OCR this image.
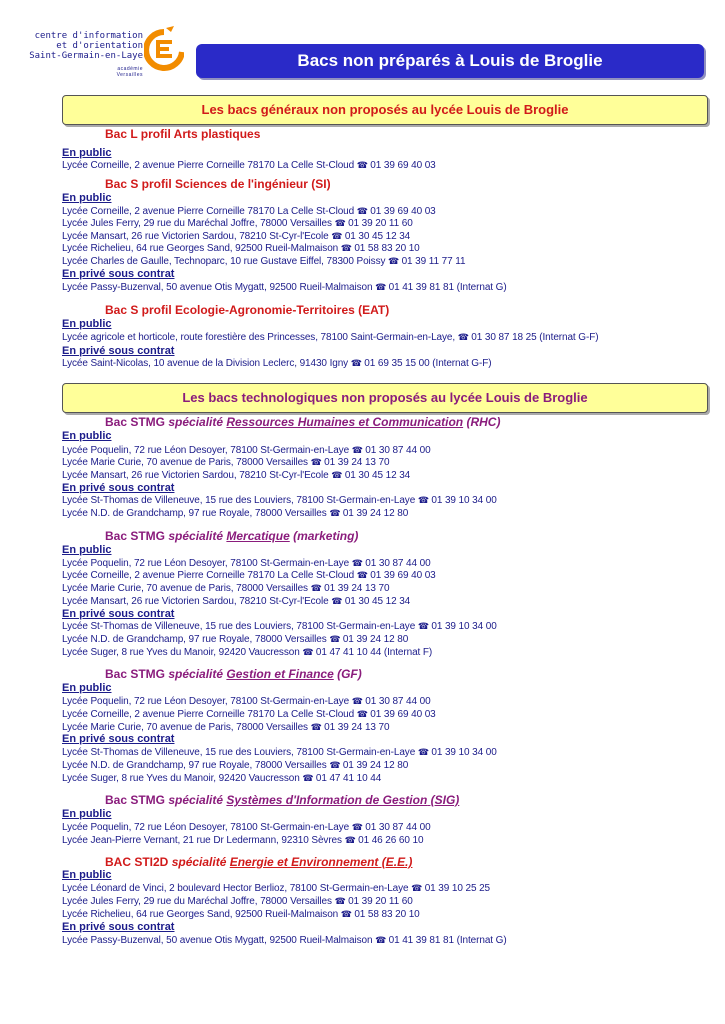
centre d'information
et d'orientation
Saint-Germain-en-Laye
académie
Versailles
Bacs non préparés à Louis de Broglie
Les bacs généraux non proposés au lycée Louis de Broglie
Les bacs technologiques non proposés au lycée Louis de Broglie
Bac L profil Arts plastiques
En public
Lycée Corneille, 2 avenue Pierre Corneille 78170 La Celle St-Cloud ☎ 01 39 69 40 03
Bac S profil Sciences de l'ingénieur (SI)
En public
Lycée Corneille, 2 avenue Pierre Corneille 78170 La Celle St-Cloud ☎ 01 39 69 40 03
Lycée Jules Ferry, 29 rue du Maréchal Joffre, 78000 Versailles ☎ 01 39 20 11 60
Lycée Mansart, 26 rue Victorien Sardou, 78210 St-Cyr-l'Ecole ☎ 01 30 45 12 34
Lycée Richelieu, 64 rue Georges Sand, 92500 Rueil-Malmaison ☎ 01 58 83 20 10
Lycée Charles de Gaulle, Technoparc, 10 rue Gustave Eiffel, 78300 Poissy ☎ 01 39 11 77 11
En privé sous contrat
Lycée Passy-Buzenval, 50 avenue Otis Mygatt, 92500 Rueil-Malmaison ☎ 01 41 39 81 81 (Internat G)
Bac S profil Ecologie-Agronomie-Territoires (EAT)
En public
Lycée agricole et horticole, route forestière des Princesses, 78100 Saint-Germain-en-Laye, ☎ 01 30 87 18 25 (Internat G-F)
En privé sous contrat
Lycée Saint-Nicolas, 10 avenue de la Division Leclerc, 91430 Igny ☎ 01 69 35 15 00 (Internat G-F)
Bac STMG spécialité Ressources Humaines et Communication (RHC)
En public
Lycée Poquelin, 72 rue Léon Desoyer, 78100 St-Germain-en-Laye ☎ 01 30 87 44 00
Lycée Marie Curie, 70 avenue de Paris, 78000 Versailles ☎ 01 39 24 13 70
Lycée Mansart, 26 rue Victorien Sardou, 78210 St-Cyr-l'Ecole ☎ 01 30 45 12 34
En privé sous contrat
Lycée St-Thomas de Villeneuve, 15 rue des Louviers, 78100 St-Germain-en-Laye ☎ 01 39 10 34 00
Lycée N.D. de Grandchamp, 97 rue Royale, 78000 Versailles ☎ 01 39 24 12 80
Bac STMG spécialité Mercatique (marketing)
En public
Lycée Poquelin, 72 rue Léon Desoyer, 78100 St-Germain-en-Laye ☎ 01 30 87 44 00
Lycée Corneille, 2 avenue Pierre Corneille 78170 La Celle St-Cloud ☎ 01 39 69 40 03
Lycée Marie Curie, 70 avenue de Paris, 78000 Versailles ☎ 01 39 24 13 70
Lycée Mansart, 26 rue Victorien Sardou, 78210 St-Cyr-l'Ecole ☎ 01 30 45 12 34
En privé sous contrat
Lycée St-Thomas de Villeneuve, 15 rue des Louviers, 78100 St-Germain-en-Laye ☎ 01 39 10 34 00
Lycée N.D. de Grandchamp, 97 rue Royale, 78000 Versailles ☎ 01 39 24 12 80
Lycée Suger, 8 rue Yves du Manoir, 92420 Vaucresson ☎ 01 47 41 10 44 (Internat F)
Bac STMG spécialité Gestion et Finance (GF)
En public
Lycée Poquelin, 72 rue Léon Desoyer, 78100 St-Germain-en-Laye ☎ 01 30 87 44 00
Lycée Corneille, 2 avenue Pierre Corneille 78170 La Celle St-Cloud ☎ 01 39 69 40 03
Lycée Marie Curie, 70 avenue de Paris, 78000 Versailles ☎ 01 39 24 13 70
En privé sous contrat
Lycée St-Thomas de Villeneuve, 15 rue des Louviers, 78100 St-Germain-en-Laye ☎ 01 39 10 34 00
Lycée N.D. de Grandchamp, 97 rue Royale, 78000 Versailles ☎ 01 39 24 12 80
Lycée Suger, 8 rue Yves du Manoir, 92420 Vaucresson ☎ 01 47 41 10 44
Bac STMG spécialité Systèmes d'Information de Gestion (SIG)
En public
Lycée Poquelin, 72 rue Léon Desoyer, 78100 St-Germain-en-Laye ☎ 01 30 87 44 00
Lycée Jean-Pierre Vernant, 21 rue Dr Ledermann, 92310 Sèvres ☎ 01 46 26 60 10
BAC STI2D spécialité Energie et Environnement (E.E.)
En public
Lycée Léonard de Vinci, 2 boulevard Hector Berlioz, 78100 St-Germain-en-Laye ☎ 01 39 10 25 25
Lycée Jules Ferry, 29 rue du Maréchal Joffre, 78000 Versailles ☎ 01 39 20 11 60
Lycée Richelieu, 64 rue Georges Sand, 92500 Rueil-Malmaison ☎ 01 58 83 20 10
En privé sous contrat
Lycée Passy-Buzenval, 50 avenue Otis Mygatt, 92500 Rueil-Malmaison ☎ 01 41 39 81 81 (Internat G)
